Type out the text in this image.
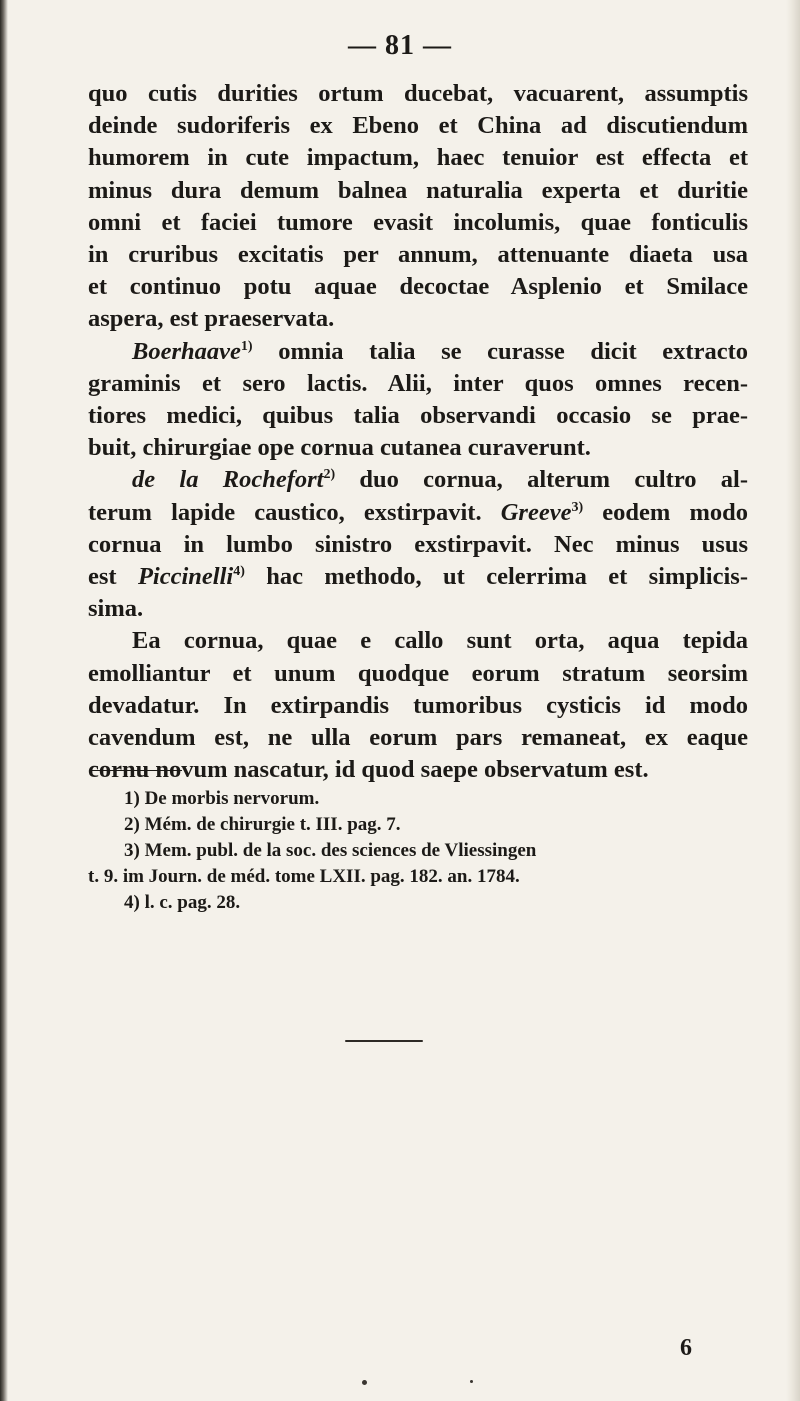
— 81 —
quo cutis durities ortum ducebat, vacuarent, assumptis
deinde sudoriferis ex Ebeno et China ad discutiendum
humorem in cute impactum, haec tenuior est effecta et
minus dura demum balnea naturalia experta et duritie
omni et faciei tumore evasit incolumis, quae fonticulis
in cruribus excitatis per annum, attenuante diaeta usa
et continuo potu aquae decoctae Asplenio et Smilace
aspera, est praeservata.
Boerhaave$^{1)}$ omnia talia se curasse dicit extracto
graminis et sero lactis. Alii, inter quos omnes recen-
tiores medici, quibus talia observandi occasio se prae-
buit, chirurgiae ope cornua cutanea curaverunt.
de la Rochefort$^{2)}$ duo cornua, alterum cultro al-
terum lapide caustico, exstirpavit. Greeve$^{3)}$ eodem modo
cornua in lumbo sinistro exstirpavit. Nec minus usus
est Piccinelli$^{4)}$ hac methodo, ut celerrima et simplicis-
sima.
Ea cornua, quae e callo sunt orta, aqua tepida
emolliantur et unum quodque eorum stratum seorsim
devadatur. In extirpandis tumoribus cysticis id modo
cavendum est, ne ulla eorum pars remaneat, ex eaque
cornu novum nascatur, id quod saepe observatum est.
1) De morbis nervorum.
2) Mém. de chirurgie t. III. pag. 7.
3) Mem. publ. de la soc. des sciences de Vliessingen
t. 9. im Journ. de méd. tome LXII. pag. 182. an. 1784.
4) l. c. pag. 28.
6
